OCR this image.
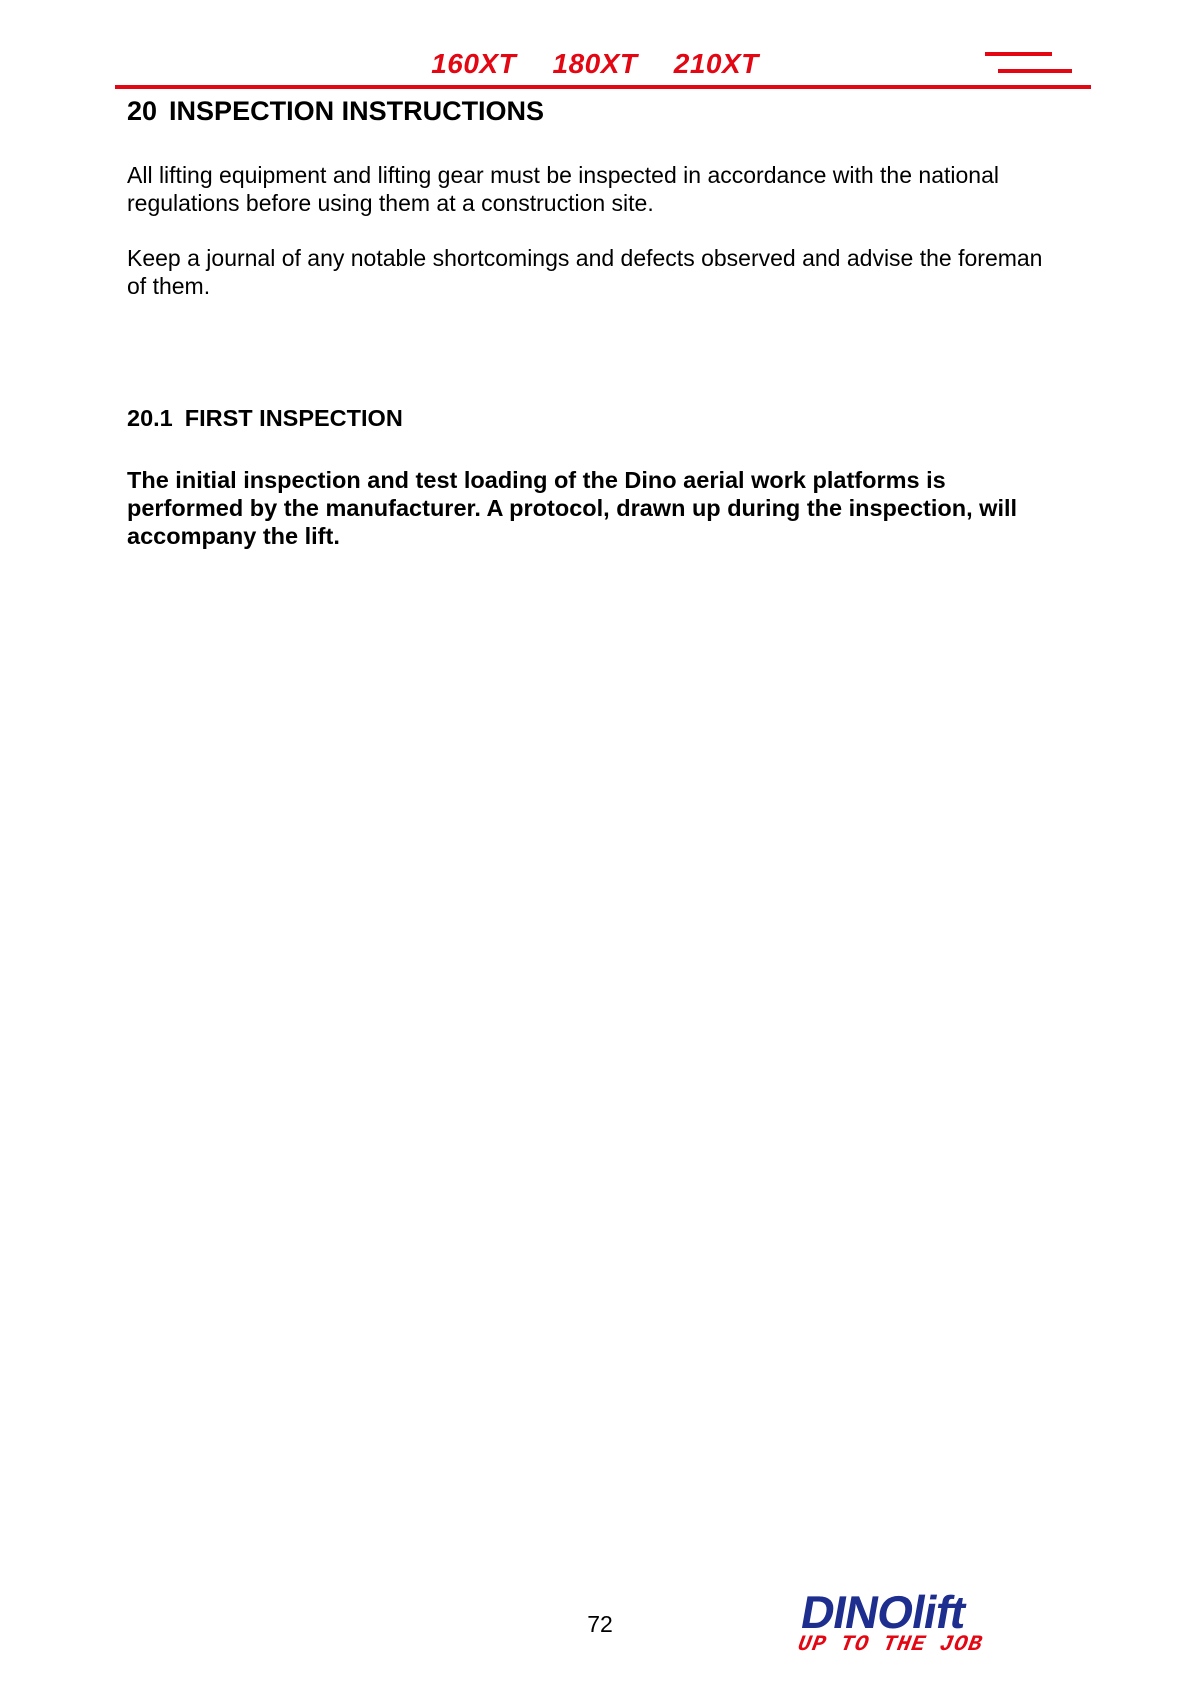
160XT 180XT 210XT
20 INSPECTION INSTRUCTIONS
All lifting equipment and lifting gear must be inspected in accordance with the national regulations before using them at a construction site.
Keep a journal of any notable shortcomings and defects observed and advise the foreman of them.
20.1 FIRST INSPECTION
The initial inspection and test loading of the Dino aerial work platforms is performed by the manufacturer. A protocol, drawn up during the inspection, will accompany the lift.
72	DINOlift
UP TO THE JOB
